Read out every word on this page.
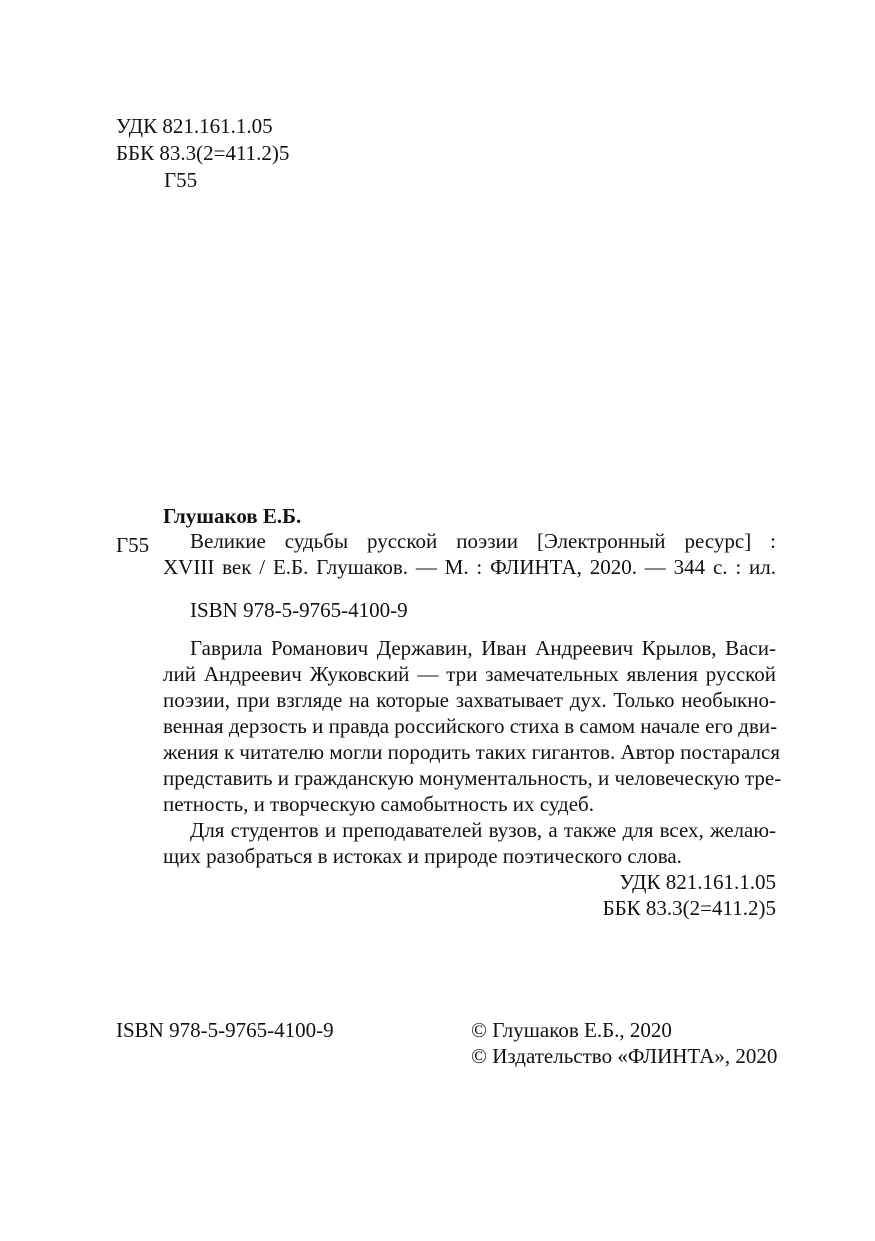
УДК 821.161.1.05
ББК 83.3(2=411.2)5
Г55
Глушаков Е.Б.
Г55 Великие судьбы русской поэзии [Электронный ресурс] :
XVIII век / Е.Б. Глушаков. — М. : ФЛИНТА, 2020. — 344 с. : ил.
ISBN 978-5-9765-4100-9
Гаврила Романович Державин, Иван Андреевич Крылов, Васи-
лий Андреевич Жуковский — три замечательных явления русской
поэзии, при взгляде на которые захватывает дух. Только необыкно-
венная дерзость и правда российского стиха в самом начале его дви-
жения к читателю могли породить таких гигантов. Автор постарался
представить и гражданскую монументальность, и человеческую тре-
петность, и творческую самобытность их судеб.
Для студентов и преподавателей вузов, а также для всех, желаю-
щих разобраться в истоках и природе поэтического слова.
УДК 821.161.1.05
ББК 83.3(2=411.2)5
ISBN 978-5-9765-4100-9	© Глушаков Е.Б., 2020
© Издательство «ФЛИНТА», 2020
